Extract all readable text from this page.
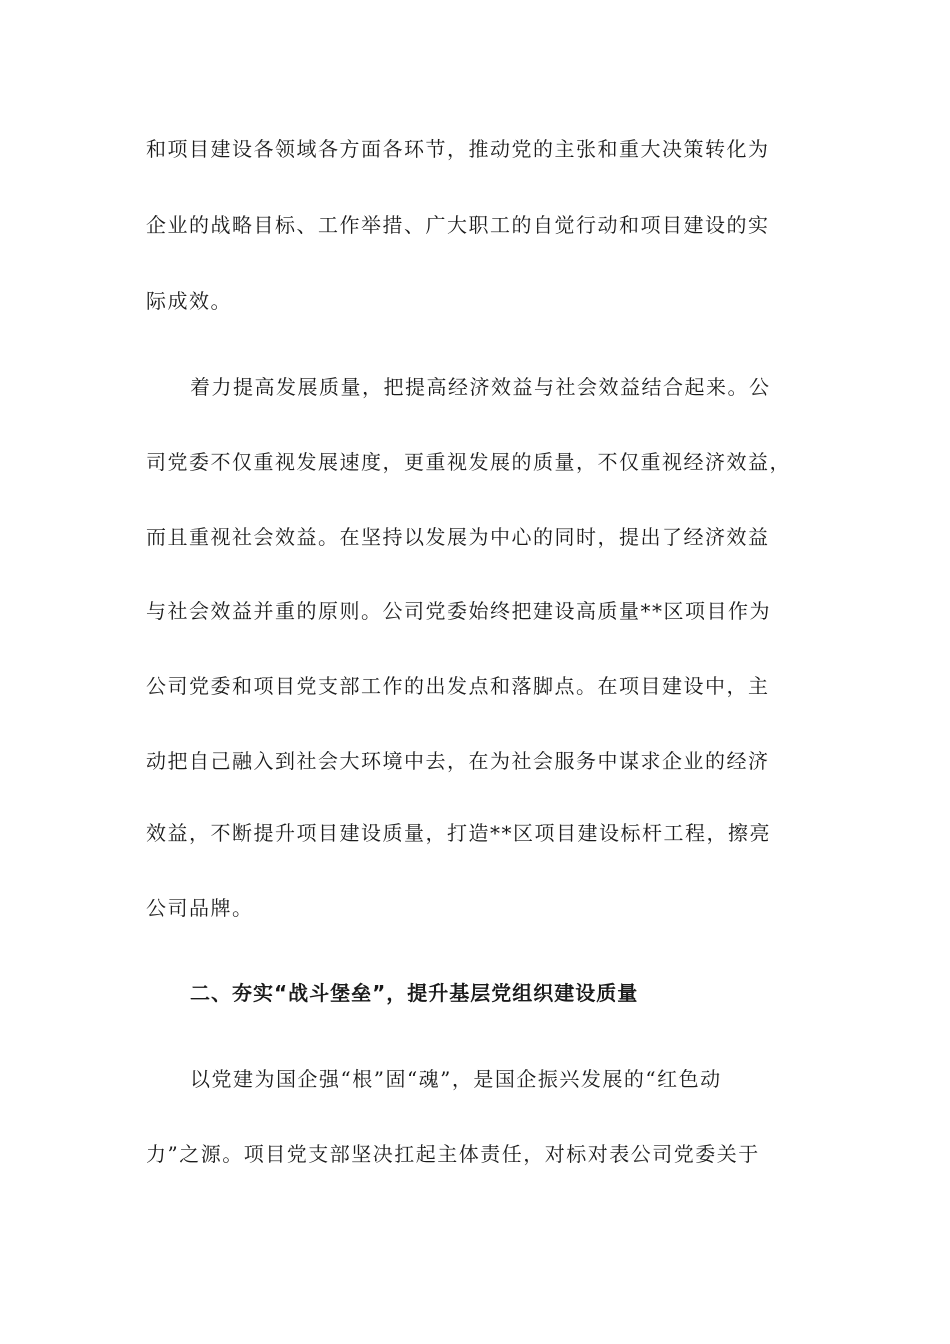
和项目建设各领域各方面各环节，推动党的主张和重大决策转化为
企业的战略目标、工作举措、广大职工的自觉行动和项目建设的实
际成效。
着力提高发展质量，把提高经济效益与社会效益结合起来。公
司党委不仅重视发展速度，更重视发展的质量，不仅重视经济效益，
而且重视社会效益。在坚持以发展为中心的同时，提出了经济效益
与社会效益并重的原则。公司党委始终把建设高质量**区项目作为
公司党委和项目党支部工作的出发点和落脚点。在项目建设中，主
动把自己融入到社会大环境中去，在为社会服务中谋求企业的经济
效益，不断提升项目建设质量，打造**区项目建设标杆工程，擦亮
公司品牌。
二、夯实“战斗堡垒”，提升基层党组织建设质量
以党建为国企强“根”固“魂”，是国企振兴发展的“红色动
力”之源。项目党支部坚决扛起主体责任，对标对表公司党委关于
